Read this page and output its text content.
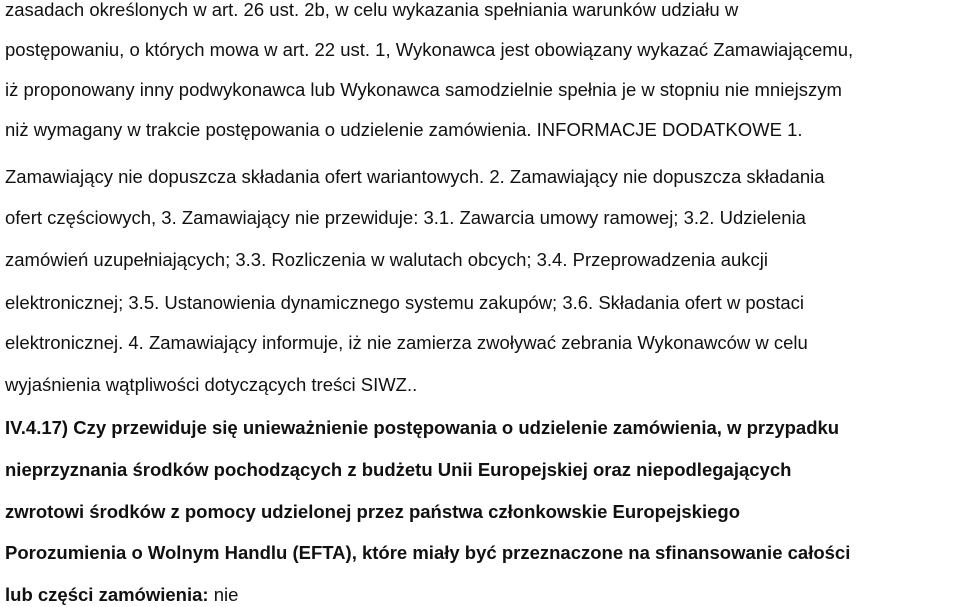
zasadach określonych w art. 26 ust. 2b, w celu wykazania spełniania warunków udziału w
postępowaniu, o których mowa w art. 22 ust. 1, Wykonawca jest obowiązany wykazać Zamawiającemu,
iż proponowany inny podwykonawca lub Wykonawca samodzielnie spełnia je w stopniu nie mniejszym
niż wymagany w trakcie postępowania o udzielenie zamówienia. INFORMACJE DODATKOWE 1.
Zamawiający nie dopuszcza składania ofert wariantowych. 2. Zamawiający nie dopuszcza składania
ofert częściowych, 3. Zamawiający nie przewiduje: 3.1. Zawarcia umowy ramowej; 3.2. Udzielenia
zamówień uzupełniających; 3.3. Rozliczenia w walutach obcych; 3.4. Przeprowadzenia aukcji
elektronicznej; 3.5. Ustanowienia dynamicznego systemu zakupów; 3.6. Składania ofert w postaci
elektronicznej. 4. Zamawiający informuje, iż nie zamierza zwoływać zebrania Wykonawców w celu
wyjaśnienia wątpliwości dotyczących treści SIWZ..
IV.4.17) Czy przewiduje się unieważnienie postępowania o udzielenie zamówienia, w przypadku
nieprzyznania środków pochodzących z budżetu Unii Europejskiej oraz niepodlegających
zwrotowi środków z pomocy udzielonej przez państwa członkowskie Europejskiego
Porozumienia o Wolnym Handlu (EFTA), które miały być przeznaczone na sfinansowanie całości
lub części zamówienia: nie
